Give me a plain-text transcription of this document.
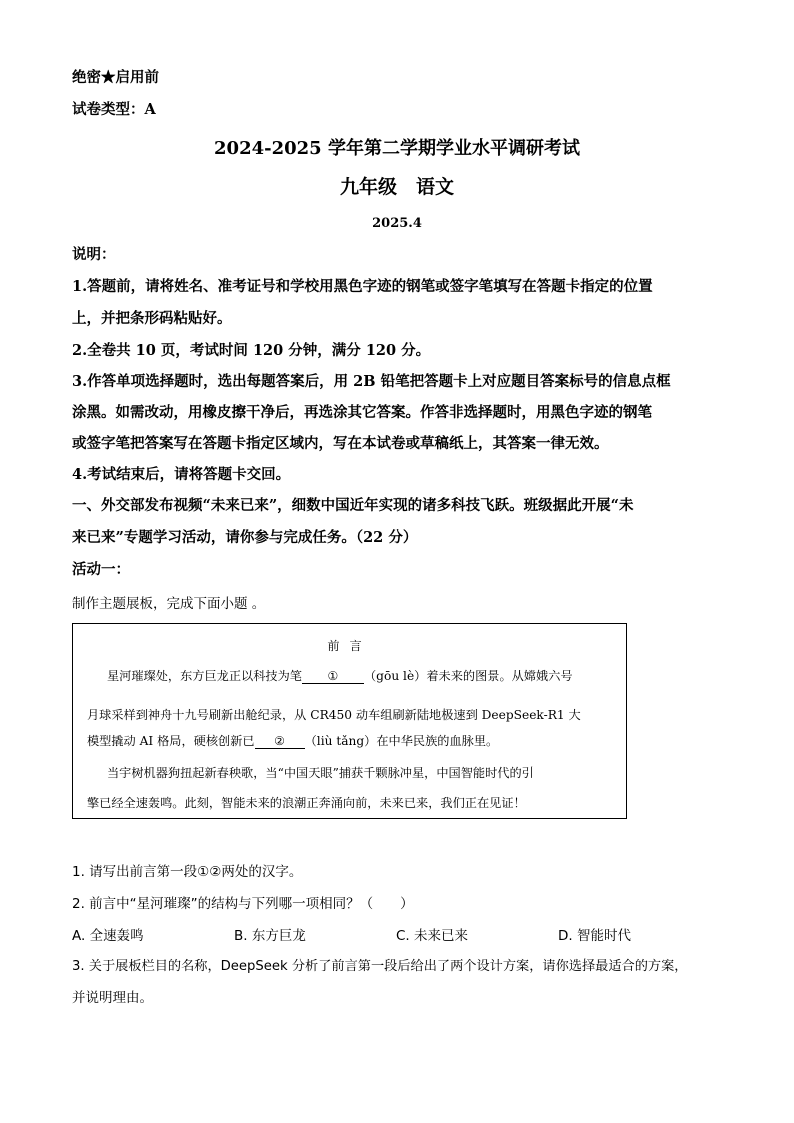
绝密★启用前
试卷类型：A
2024-2025 学年第二学期学业水平调研考试
九年级　语文
2025.4
说明：
1.答题前，请将姓名、准考证号和学校用黑色字迹的钢笔或签字笔填写在答题卡指定的位置
上，并把条形码粘贴好。
2.全卷共 10 页，考试时间 120 分钟，满分 120 分。
3.作答单项选择题时，选出每题答案后，用 2B 铅笔把答题卡上对应题目答案标号的信息点框
涂黑。如需改动，用橡皮擦干净后，再选涂其它答案。作答非选择题时，用黑色字迹的钢笔
或签字笔把答案写在答题卡指定区域内，写在本试卷或草稿纸上，其答案一律无效。
4.考试结束后，请将答题卡交回。
一、外交部发布视频“未来已来”，细数中国近年实现的诸多科技飞跃。班级据此开展“未
来已来”专题学习活动，请你参与完成任务。（22 分）
活动一：
制作主题展板，完成下面小题 。
前言
星河璀璨处，东方巨龙正以科技为笔 ① （gōu lè）着未来的图景。从嫦娥六号
月球采样到神舟十九号刷新出舱纪录，从 CR450 动车组刷新陆地极速到 DeepSeek-R1 大
模型撬动 AI 格局，硬核创新已 ② （liù tǎng）在中华民族的血脉里。
当宇树机器狗扭起新春秧歌，当“中国天眼”捕获千颗脉冲星，中国智能时代的引
擎已经全速轰鸣。此刻，智能未来的浪潮正奔涌向前，未来已来，我们正在见证！
1. 请写出前言第一段①②两处的汉字。
2. 前言中“星河璀璨”的结构与下列哪一项相同？（　　）
A. 全速轰鸣	B. 东方巨龙	C. 未来已来	D. 智能时代
3. 关于展板栏目的名称，DeepSeek 分析了前言第一段后给出了两个设计方案，请你选择最适合的方案，
并说明理由。
